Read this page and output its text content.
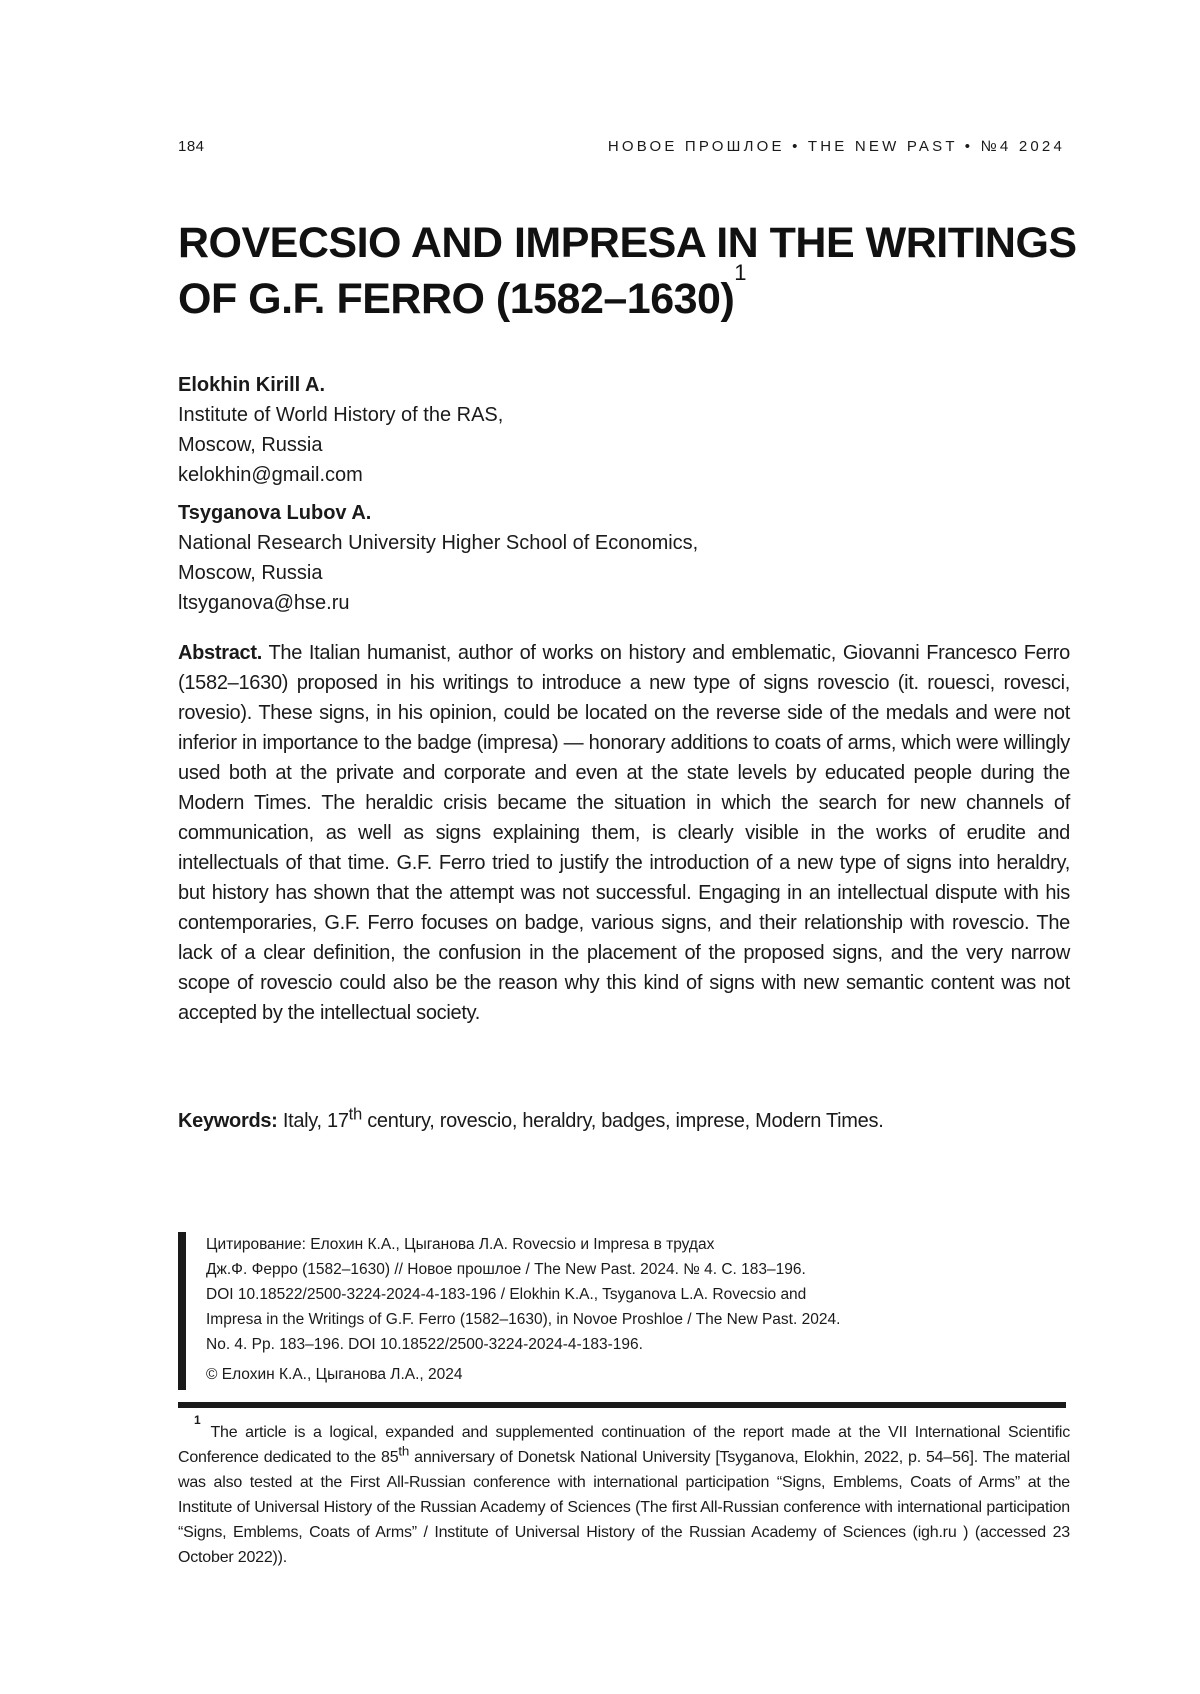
184	НОВОЕ ПРОШЛОЕ • THE NEW PAST • №4 2024
ROVECSIO AND IMPRESA IN THE WRITINGS
OF G.F. FERRO (1582–1630)1
Elokhin Kirill A.
Institute of World History of the RAS,
Moscow, Russia
kelokhin@gmail.com
Tsyganova Lubov A.
National Research University Higher School of Economics,
Moscow, Russia
ltsyganova@hse.ru

Abstract. The Italian humanist, author of works on history and emblematic, Giovanni Francesco Ferro (1582–1630) proposed in his writings to introduce a new type of signs rovescio (it. rouesci, rovesci, rovesio). These signs, in his opinion, could be located on the reverse side of the medals and were not inferior in importance to the badge (impresa) — honorary additions to coats of arms, which were willingly used both at the private and corporate and even at the state levels by educated people during the Modern Times. The heraldic crisis became the situation in which the search for new channels of communication, as well as signs explaining them, is clearly visible in the works of erudite and intellectuals of that time. G.F. Ferro tried to justify the introduction of a new type of signs into heraldry, but history has shown that the attempt was not successful. Engaging in an intellectual dispute with his contemporaries, G.F. Ferro focuses on badge, various signs, and their relationship with rovescio. The lack of a clear definition, the confusion in the placement of the proposed signs, and the very narrow scope of rovescio could also be the reason why this kind of signs with new semantic content was not accepted by the intellectual society.

Keywords: Italy, 17th century, rovescio, heraldry, badges, imprese, Modern Times.

Цитирование: Елохин К.А., Цыганова Л.А. Rovecsio и Impresa в трудах
Дж.Ф. Ферро (1582–1630) // Новое прошлое / The New Past. 2024. № 4. С. 183–196.
DOI 10.18522/2500-3224-2024-4-183-196 / Elokhin K.A., Tsyganova L.A. Rovecsio and
Impresa in the Writings of G.F. Ferro (1582–1630), in Novoe Proshloe / The New Past. 2024.
No. 4. Pp. 183–196. DOI 10.18522/2500-3224-2024-4-183-196.

© Елохин К.А., Цыганова Л.А., 2024

1The article is a logical, expanded and supplemented continuation of the report made at the VII International Scientific Conference dedicated to the 85th anniversary of Donetsk National University [Tsyganova, Elokhin, 2022, p. 54–56]. The material was also tested at the First All-Russian conference with international participation “Signs, Emblems, Coats of Arms” at the Institute of Universal History of the Russian Academy of Sciences (The first All-Russian conference with international participation “Signs, Emblems, Coats of Arms” / Institute of Universal History of the Russian Academy of Sciences (igh.ru ) (accessed 23 October 2022)).
